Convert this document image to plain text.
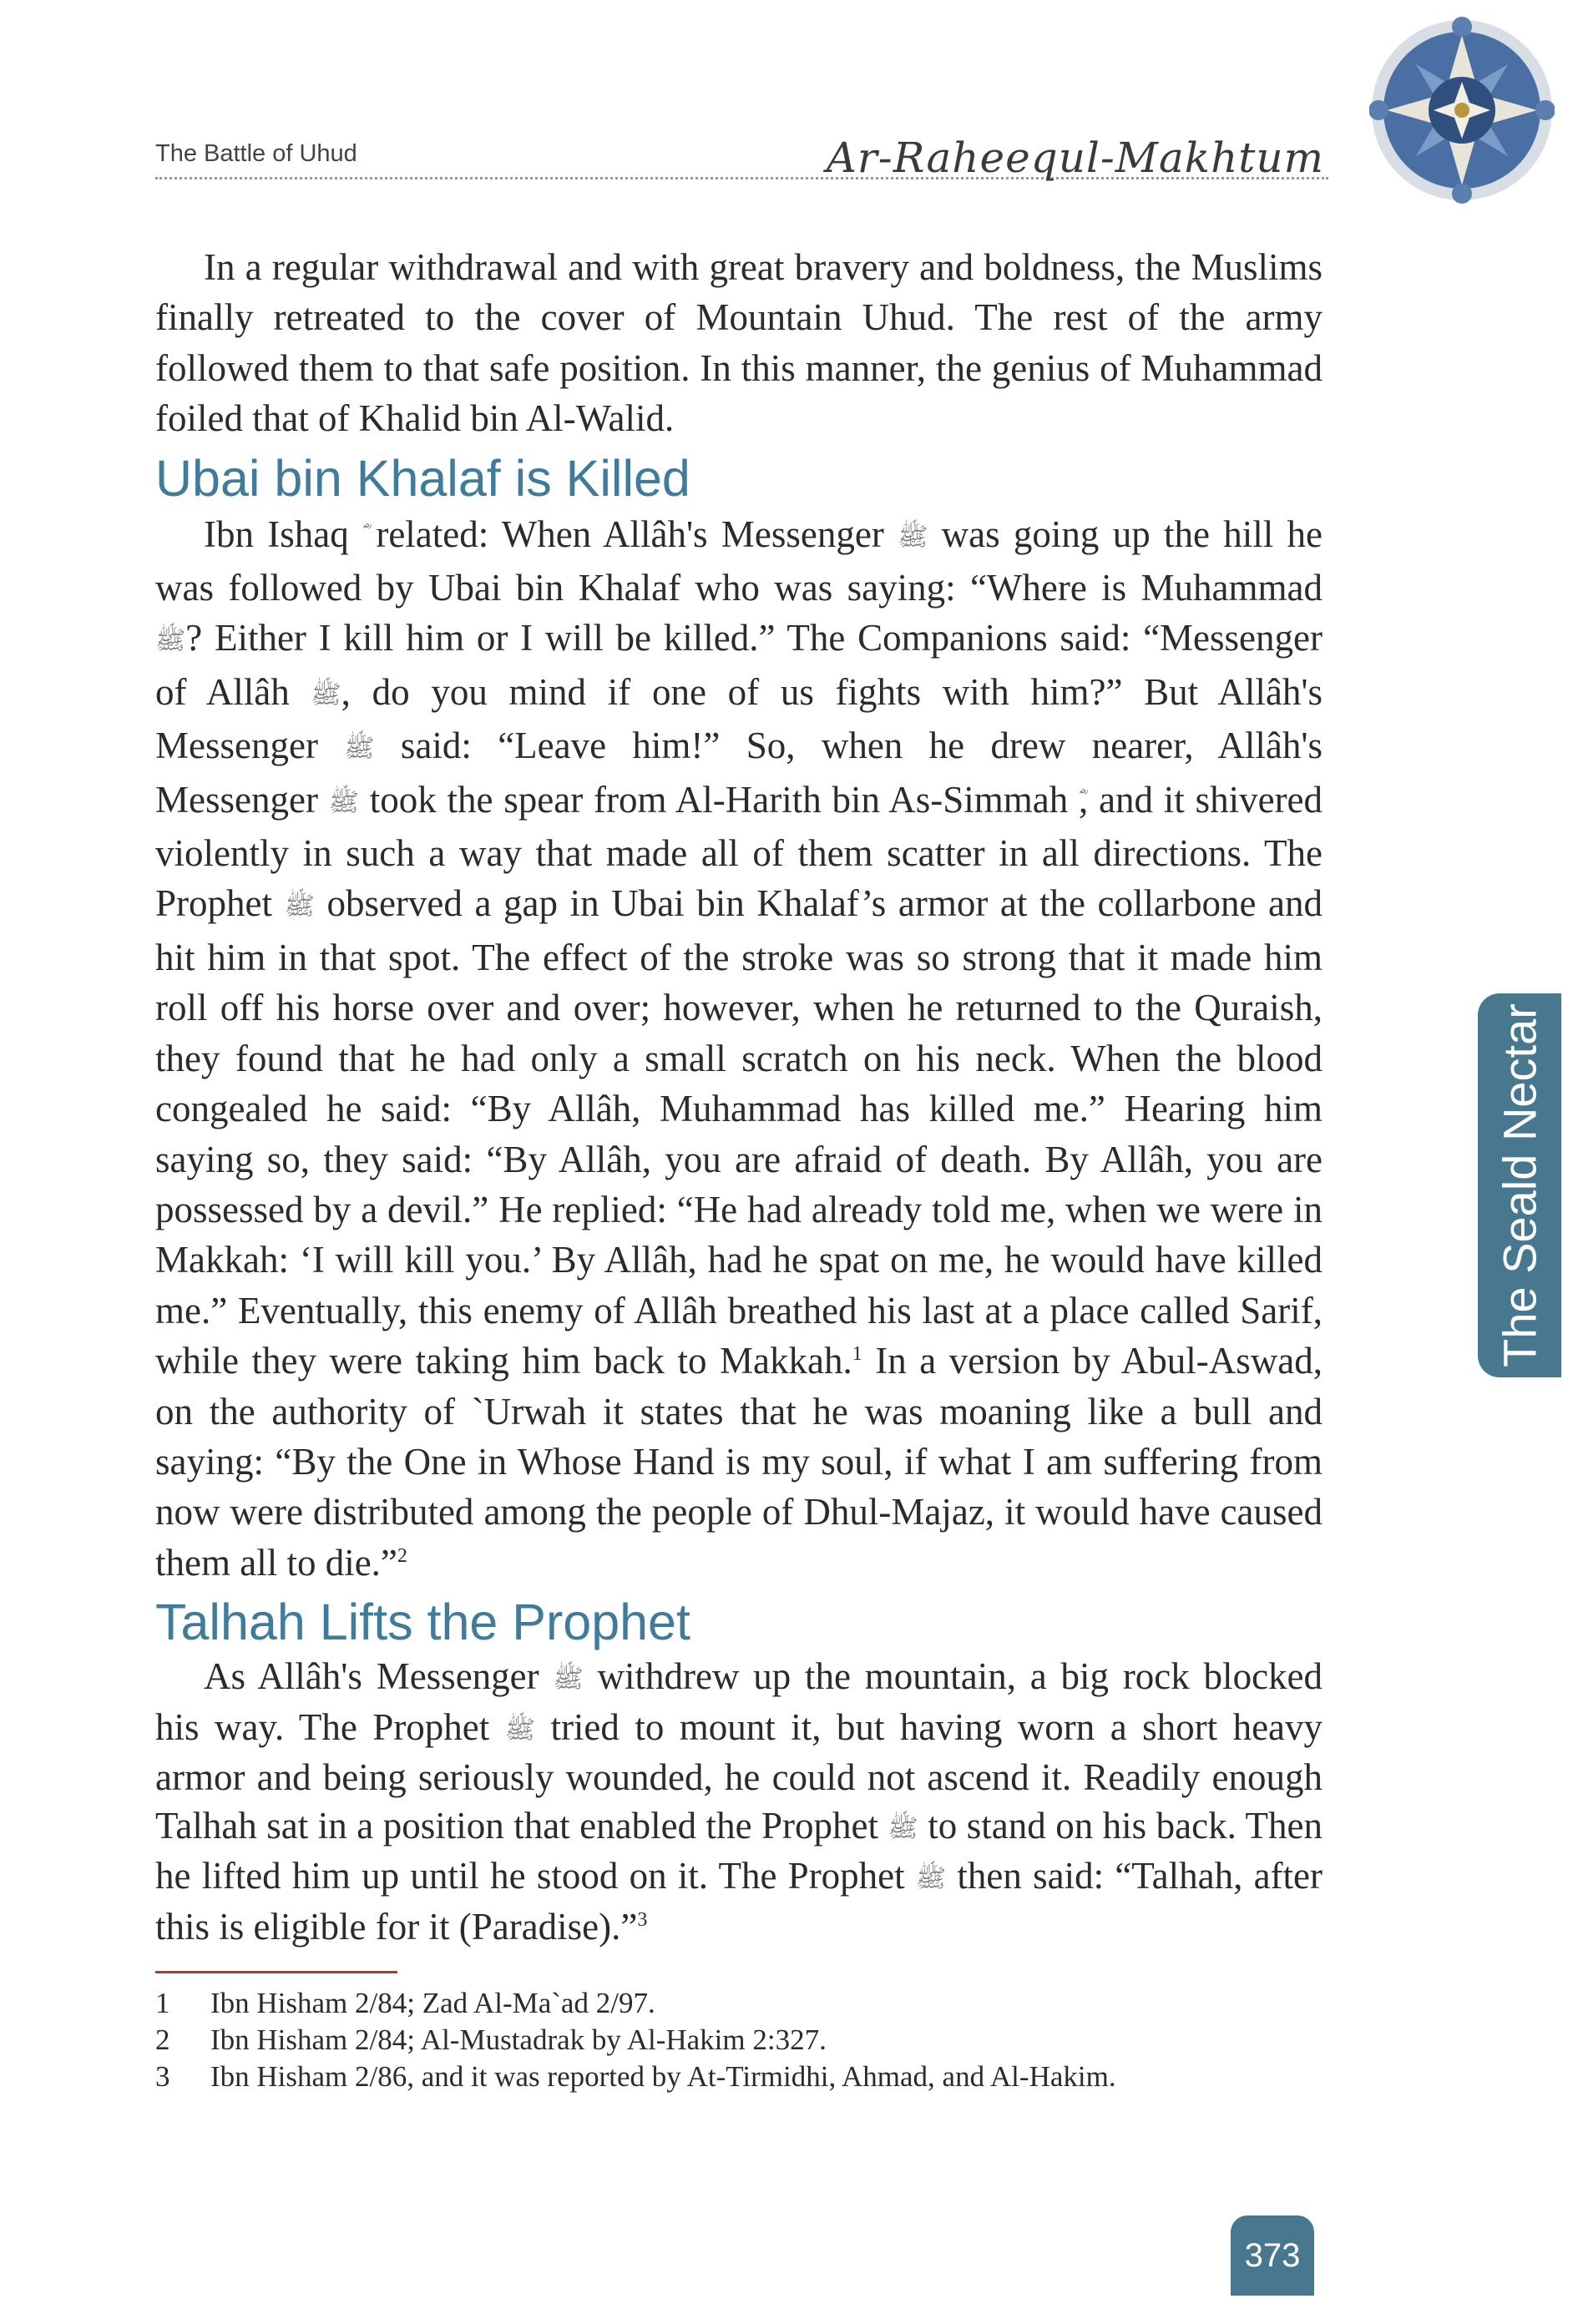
The Battle of Uhud	Ar-Raheequl-Makhtum

In a regular withdrawal and with great bravery and boldness, the Muslims finally retreated to the cover of Mountain Uhud. The rest of the army followed them to that safe position. In this manner, the genius of Muhammad foiled that of Khalid bin Al-Walid.

Ubai bin Khalaf is Killed

Ibn Ishaq related: When Allâh's Messenger ﷺ was going up the hill he was followed by Ubai bin Khalaf who was saying: “Where is Muhammad ﷺ? Either I kill him or I will be killed.” The Companions said: “Messenger of Allâh ﷺ, do you mind if one of us fights with him?” But Allâh's Messenger ﷺ said: “Leave him!” So, when he drew nearer, Allâh's Messenger ﷺ took the spear from Al-Harith bin As-Simmah , and it shivered violently in such a way that made all of them scatter in all directions. The Prophet ﷺ observed a gap in Ubai bin Khalaf’s armor at the collarbone and hit him in that spot. The effect of the stroke was so strong that it made him roll off his horse over and over; however, when he returned to the Quraish, they found that he had only a small scratch on his neck. When the blood congealed he said: “By Allâh, Muhammad has killed me.” Hearing him saying so, they said: “By Allâh, you are afraid of death. By Allâh, you are possessed by a devil.” He replied: “He had already told me, when we were in Makkah: ‘I will kill you.’ By Allâh, had he spat on me, he would have killed me.” Eventually, this enemy of Allâh breathed his last at a place called Sarif, while they were taking him back to Makkah.$^1$ In a version by Abul-Aswad, on the authority of `Urwah it states that he was moaning like a bull and saying: “By the One in Whose Hand is my soul, if what I am suffering from now were distributed among the people of Dhul-Majaz, it would have caused them all to die.”$^2$

Talhah Lifts the Prophet

As Allâh's Messenger ﷺ withdrew up the mountain, a big rock blocked his way. The Prophet ﷺ tried to mount it, but having worn a short heavy armor and being seriously wounded, he could not ascend it. Readily enough Talhah sat in a position that enabled the Prophet ﷺ to stand on his back. Then he lifted him up until he stood on it. The Prophet ﷺ then said: “Talhah, after this is eligible for it (Paradise).”$^3$

1	Ibn Hisham 2/84; Zad Al-Ma`ad 2/97.
2	Ibn Hisham 2/84; Al-Mustadrak by Al-Hakim 2:327.
3	Ibn Hisham 2/86, and it was reported by At-Tirmidhi, Ahmad, and Al-Hakim.
The Seald Nectar
373
